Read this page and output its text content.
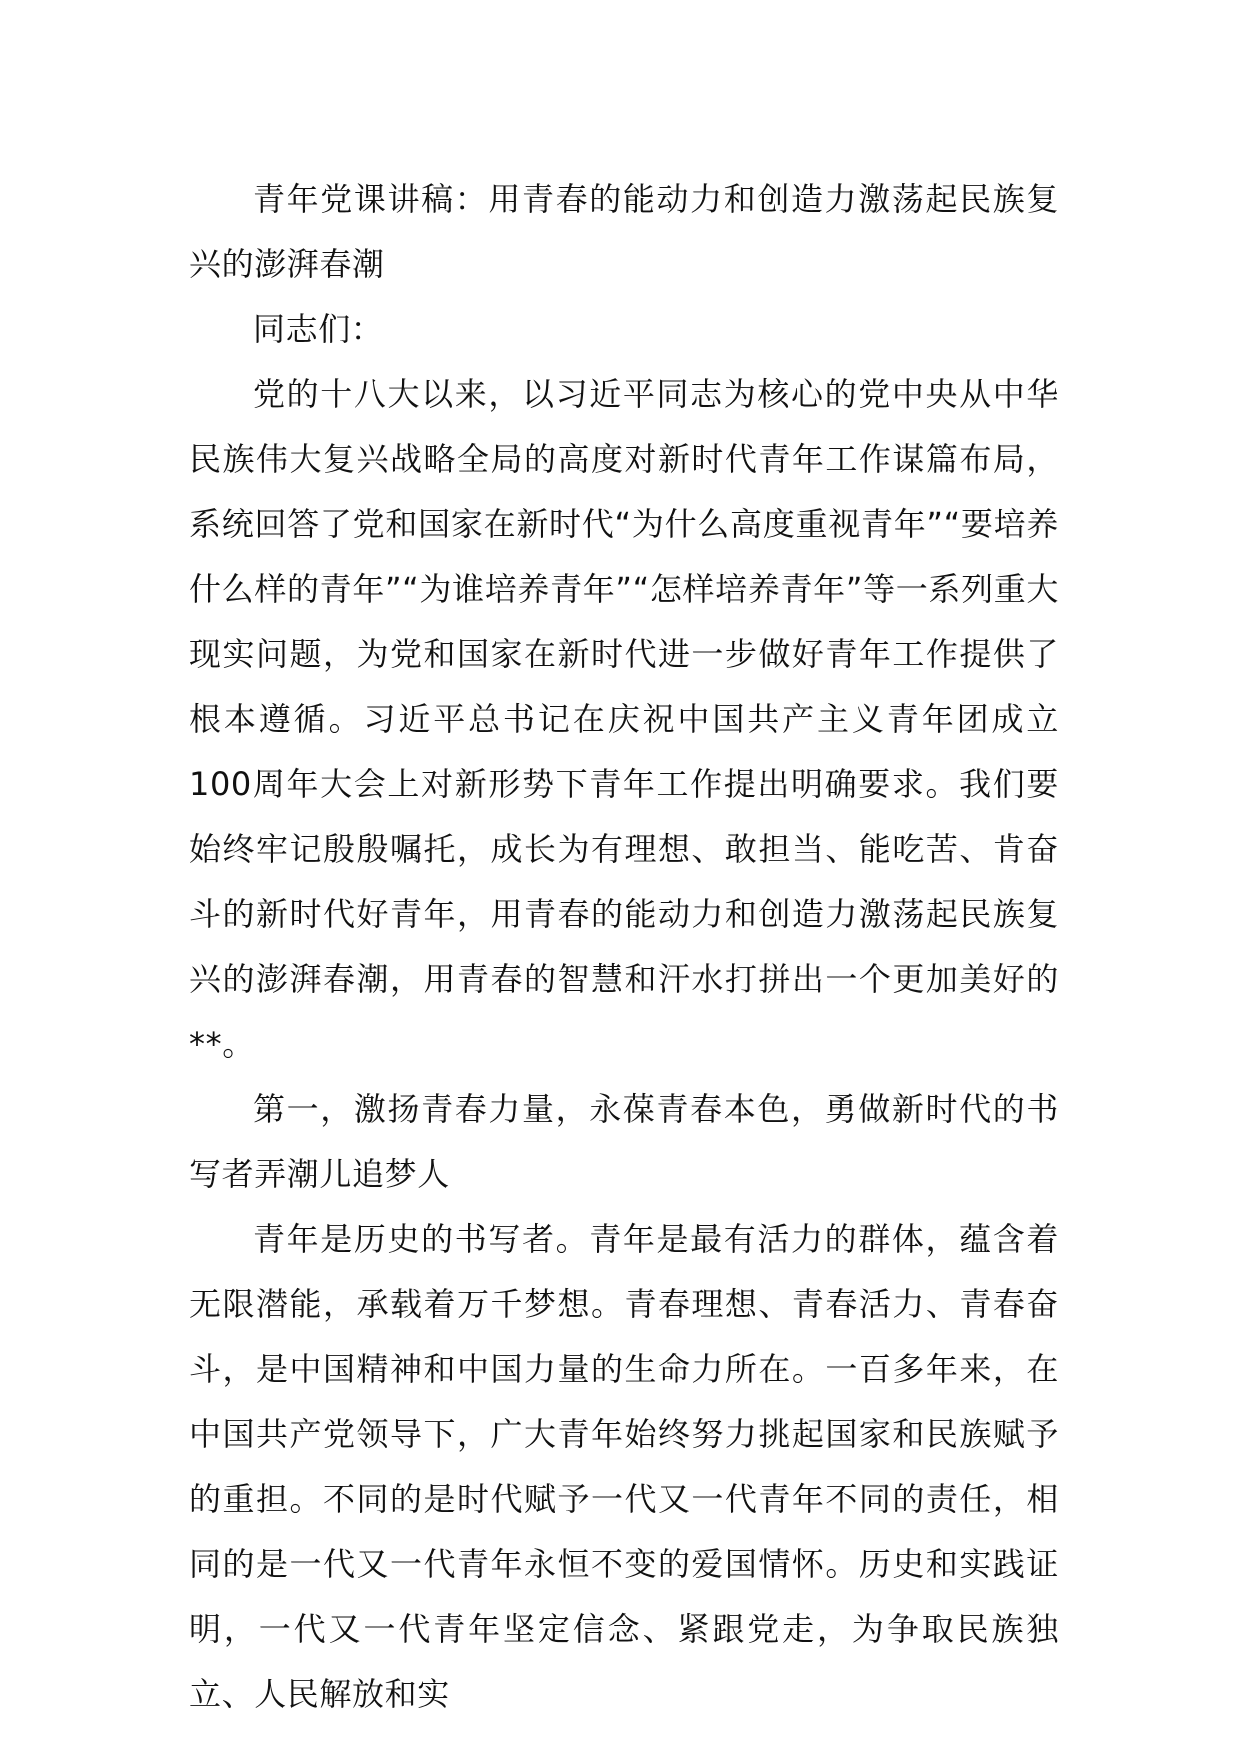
青年党课讲稿：用青春的能动力和创造力激荡起民族复兴的澎湃春潮

同志们：

党的十八大以来，以习近平同志为核心的党中央从中华民族伟大复兴战略全局的高度对新时代青年工作谋篇布局，系统回答了党和国家在新时代“为什么高度重视青年”“要培养什么样的青年”“为谁培养青年”“怎样培养青年”等一系列重大现实问题，为党和国家在新时代进一步做好青年工作提供了根本遵循。习近平总书记在庆祝中国共产主义青年团成立100周年大会上对新形势下青年工作提出明确要求。我们要始终牢记殷殷嘱托，成长为有理想、敢担当、能吃苦、肯奋斗的新时代好青年，用青春的能动力和创造力激荡起民族复兴的澎湃春潮，用青春的智慧和汗水打拼出一个更加美好的**。

第一，激扬青春力量，永葆青春本色，勇做新时代的书写者弄潮儿追梦人

青年是历史的书写者。青年是最有活力的群体，蕴含着无限潜能，承载着万千梦想。青春理想、青春活力、青春奋斗，是中国精神和中国力量的生命力所在。一百多年来，在中国共产党领导下，广大青年始终努力挑起国家和民族赋予的重担。不同的是时代赋予一代又一代青年不同的责任，相同的是一代又一代青年永恒不变的爱国情怀。历史和实践证明，一代又一代青年坚定信念、紧跟党走，为争取民族独立、人民解放和实
